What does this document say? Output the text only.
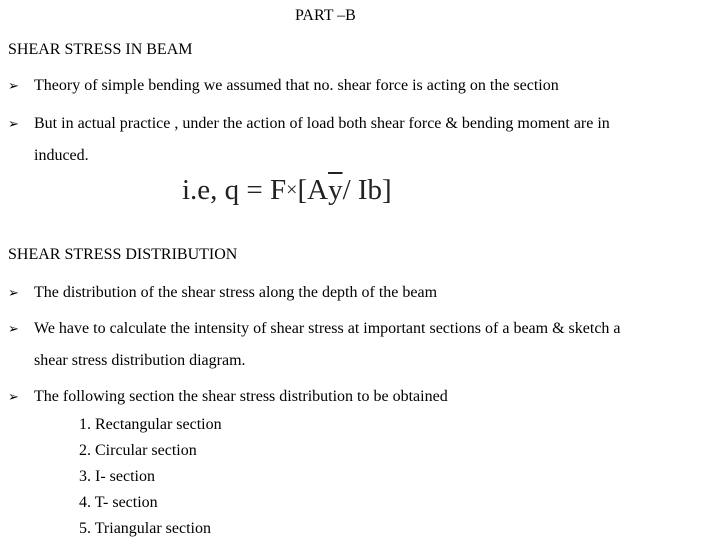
PART –B
SHEAR STRESS IN BEAM
➢ Theory of simple bending we assumed that no. shear force is acting on the section
➢ But in actual practice , under the action of load both shear force & bending moment are in
induced.
i.e, $q = F\times[A\overline{y}/$ Ib]
SHEAR STRESS DISTRIBUTION
➢ The distribution of the shear stress along the depth of the beam
➢ We have to calculate the intensity of shear stress at important sections of a beam & sketch a
shear stress distribution diagram.
➢ The following section the shear stress distribution to be obtained
1. Rectangular section
2. Circular section
3. I- section
4. T- section
5. Triangular section
